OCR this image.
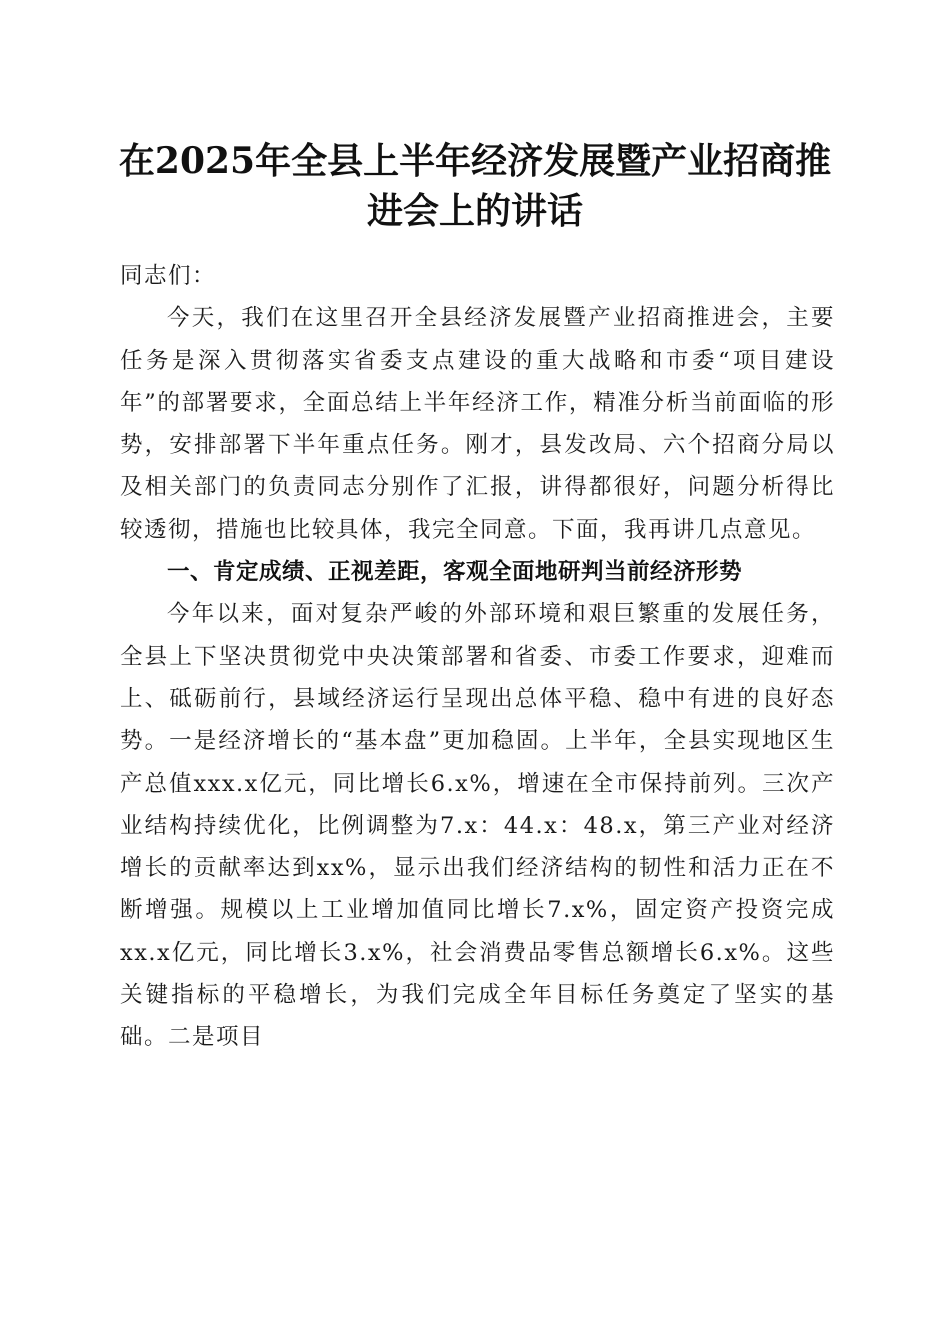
在2025年全县上半年经济发展暨产业招商推
进会上的讲话

同志们：

今天，我们在这里召开全县经济发展暨产业招商推进会，主要任务是深入贯彻落实省委支点建设的重大战略和市委“项目建设年”的部署要求，全面总结上半年经济工作，精准分析当前面临的形势，安排部署下半年重点任务。刚才，县发改局、六个招商分局以及相关部门的负责同志分别作了汇报，讲得都很好，问题分析得比较透彻，措施也比较具体，我完全同意。下面，我再讲几点意见。

一、肯定成绩、正视差距，客观全面地研判当前经济形势

今年以来，面对复杂严峻的外部环境和艰巨繁重的发展任务，全县上下坚决贯彻党中央决策部署和省委、市委工作要求，迎难而上、砥砺前行，县域经济运行呈现出总体平稳、稳中有进的良好态势。一是经济增长的“基本盘”更加稳固。上半年，全县实现地区生产总值xxx.x亿元，同比增长6.x%，增速在全市保持前列。三次产业结构持续优化，比例调整为7.x：44.x：48.x，第三产业对经济增长的贡献率达到xx%，显示出我们经济结构的韧性和活力正在不断增强。规模以上工业增加值同比增长7.x%，固定资产投资完成xx.x亿元，同比增长3.x%，社会消费品零售总额增长6.x%。这些关键指标的平稳增长，为我们完成全年目标任务奠定了坚实的基础。二是项目
